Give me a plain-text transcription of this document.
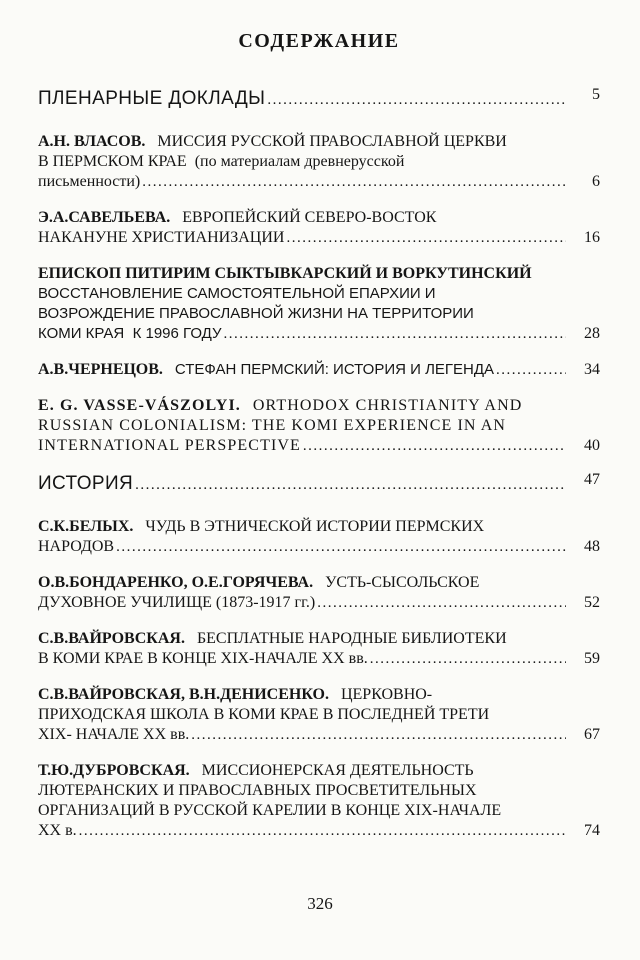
СОДЕРЖАНИЕ
ПЛЕНАРНЫЕ ДОКЛАДЫ .....	5
А.Н. ВЛАСОВ. МИССИЯ РУССКОЙ ПРАВОСЛАВНОЙ ЦЕРКВИ
В ПЕРМСКОМ КРАЕ  (по материалам древнерусской
письменности) .....	6
Э.А.САВЕЛЬЕВА. ЕВРОПЕЙСКИЙ СЕВЕРО-ВОСТОК
НАКАНУНЕ ХРИСТИАНИЗАЦИИ .....	16
ЕПИСКОП ПИТИРИМ СЫКТЫВКАРСКИЙ И ВОРКУТИНСКИЙ
ВОССТАНОВЛЕНИЕ САМОСТОЯТЕЛЬНОЙ ЕПАРХИИ И
ВОЗРОЖДЕНИЕ ПРАВОСЛАВНОЙ ЖИЗНИ НА ТЕРРИТОРИИ
КОМИ КРАЯ  К 1996 ГОДУ .....	28
А.В.ЧЕРНЕЦОВ. СТЕФАН ПЕРМСКИЙ: ИСТОРИЯ И ЛЕГЕНДА .....	34
E. G. VASSE-VÁSZOLYI. ORTHODOX CHRISTIANITY AND
RUSSIAN COLONIALISM: THE KOMI EXPERIENCE IN AN
INTERNATIONAL PERSPECTIVE .....	40
ИСТОРИЯ .....	47
С.К.БЕЛЫХ. ЧУДЬ В ЭТНИЧЕСКОЙ ИСТОРИИ ПЕРМСКИХ
НАРОДОВ .....	48
О.В.БОНДАРЕНКО, О.Е.ГОРЯЧЕВА. УСТЬ-СЫСОЛЬСКОЕ
ДУХОВНОЕ УЧИЛИЩЕ (1873-1917 гг.) .....	52
С.В.ВАЙРОВСКАЯ. БЕСПЛАТНЫЕ НАРОДНЫЕ БИБЛИОТЕКИ
В КОМИ КРАЕ В КОНЦЕ XIX-НАЧАЛЕ XX вв. .....	59
С.В.ВАЙРОВСКАЯ, В.Н.ДЕНИСЕНКО. ЦЕРКОВНО-
ПРИХОДСКАЯ ШКОЛА В КОМИ КРАЕ В ПОСЛЕДНЕЙ ТРЕТИ
XIX- НАЧАЛЕ XX вв. .....	67
Т.Ю.ДУБРОВСКАЯ. МИССИОНЕРСКАЯ ДЕЯТЕЛЬНОСТЬ
ЛЮТЕРАНСКИХ И ПРАВОСЛАВНЫХ ПРОСВЕТИТЕЛЬНЫХ
ОРГАНИЗАЦИЙ В РУССКОЙ КАРЕЛИИ В КОНЦЕ XIX-НАЧАЛЕ
XX в. .....	74
326
